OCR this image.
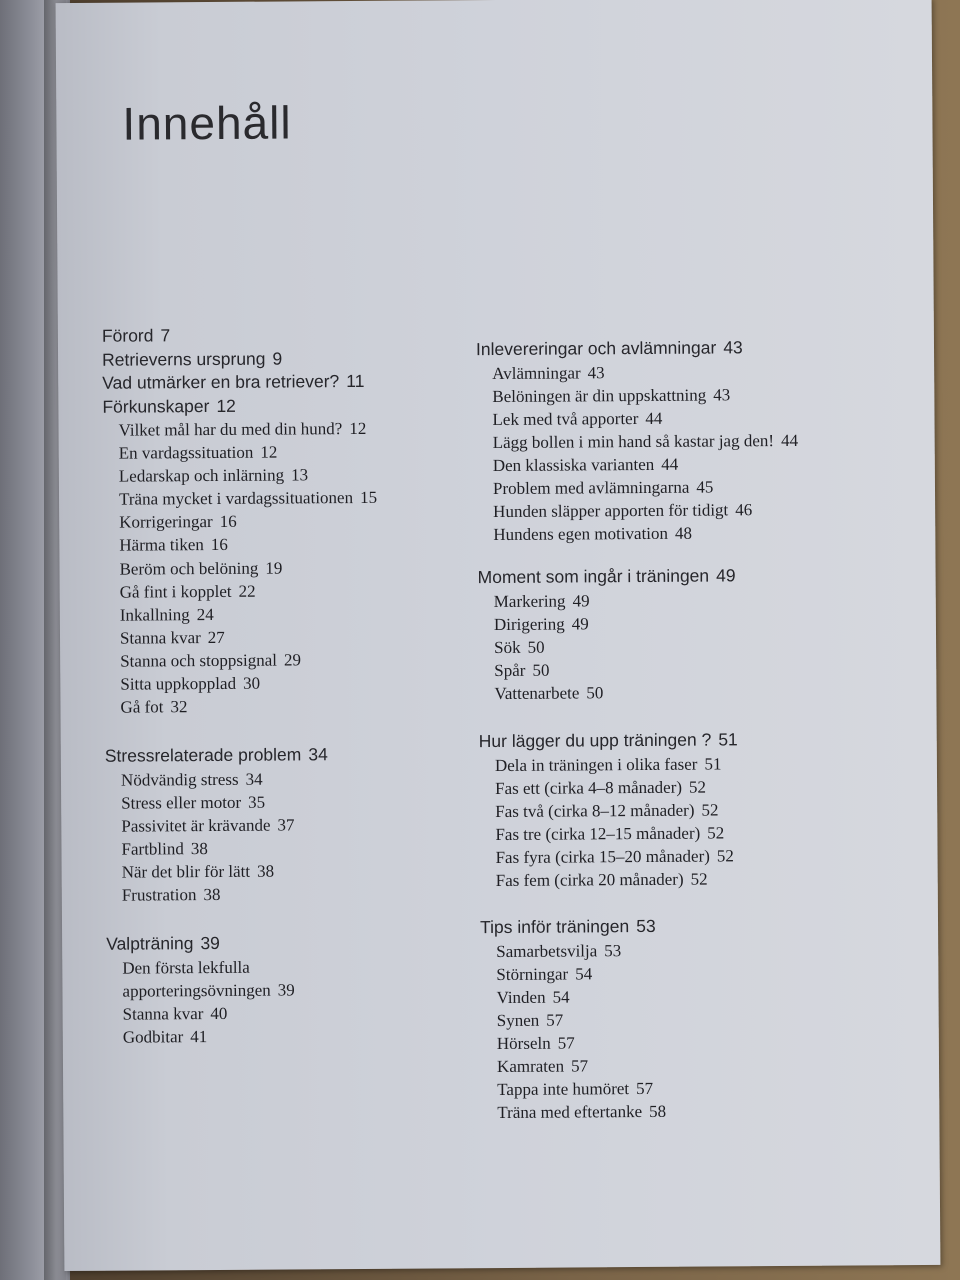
Innehåll
Förord 7
Retrieverns ursprung 9
Vad utmärker en bra retriever? 11
Förkunskaper 12
Vilket mål har du med din hund? 12
En vardagssituation 12
Ledarskap och inlärning 13
Träna mycket i vardagssituationen 15
Korrigeringar 16
Härma tiken 16
Beröm och belöning 19
Gå fint i kopplet 22
Inkallning 24
Stanna kvar 27
Stanna och stoppsignal 29
Sitta uppkopplad 30
Gå fot 32
Stressrelaterade problem 34
Nödvändig stress 34
Stress eller motor 35
Passivitet är krävande 37
Fartblind 38
När det blir för lätt 38
Frustration 38
Valpträning 39
Den första lekfulla
apporteringsövningen 39
Stanna kvar 40
Godbitar 41
Inlevereringar och avlämningar 43
Avlämningar 43
Belöningen är din uppskattning 43
Lek med två apporter 44
Lägg bollen i min hand så kastar jag den! 44
Den klassiska varianten 44
Problem med avlämningarna 45
Hunden släpper apporten för tidigt 46
Hundens egen motivation 48
Moment som ingår i träningen 49
Markering 49
Dirigering 49
Sök 50
Spår 50
Vattenarbete 50
Hur lägger du upp träningen ? 51
Dela in träningen i olika faser 51
Fas ett (cirka 4–8 månader) 52
Fas två (cirka 8–12 månader) 52
Fas tre (cirka 12–15 månader) 52
Fas fyra (cirka 15–20 månader) 52
Fas fem (cirka 20 månader) 52
Tips inför träningen 53
Samarbetsvilja 53
Störningar 54
Vinden 54
Synen 57
Hörseln 57
Kamraten 57
Tappa inte humöret 57
Träna med eftertanke 58
